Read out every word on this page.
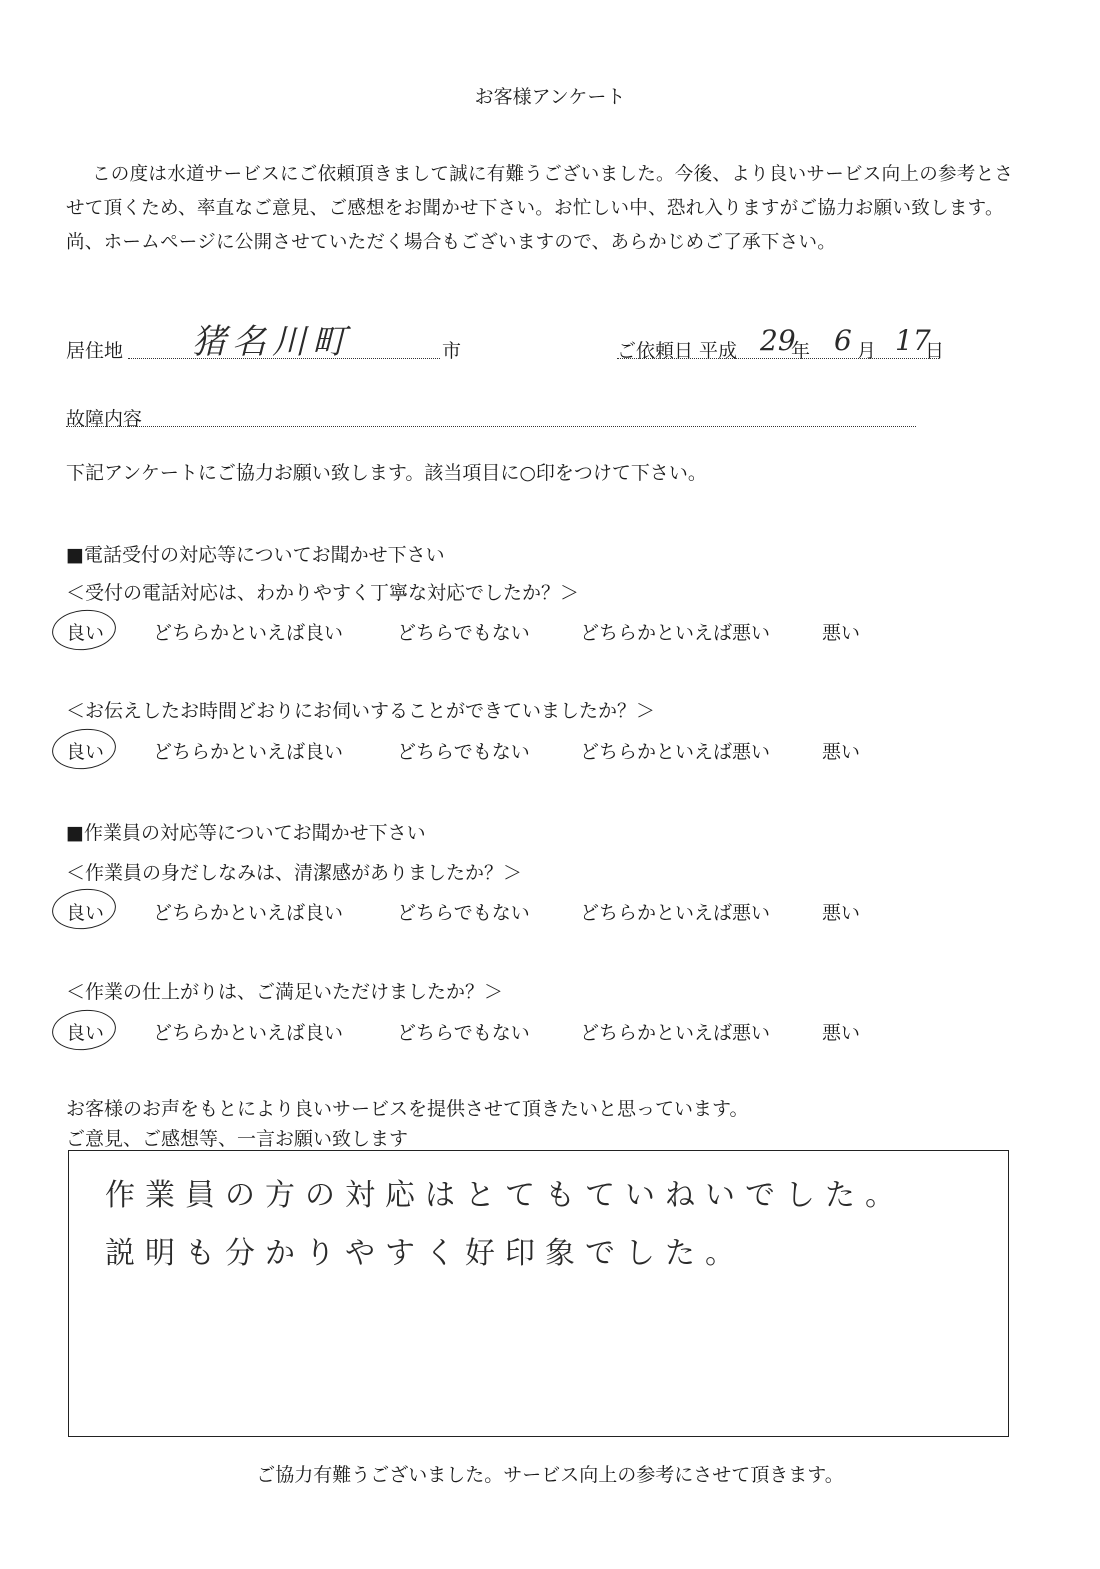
お客様アンケート
この度は水道サービスにご依頼頂きまして誠に有難うございました。今後、より良いサービス向上の参考とさせて頂くため、率直なご意見、ご感想をお聞かせ下さい。お忙しい中、恐れ入りますがご協力お願い致します。尚、ホームページに公開させていただく場合もございますので、あらかじめご了承下さい。
居住地 猪名川町	市	ご依頼日 平成 29
年 6 月 17
日
故障内容
下記アンケートにご協力お願い致します。該当項目に○印をつけて下さい。
■電話受付の対応等についてお聞かせ下さい
＜受付の電話対応は、わかりやすく丁寧な対応でしたか？＞
良い	どちらかといえば良い	どちらでもない	どちらかといえば悪い	悪い
＜お伝えしたお時間どおりにお伺いすることができていましたか？＞
良い	どちらかといえば良い	どちらでもない	どちらかといえば悪い	悪い
■作業員の対応等についてお聞かせ下さい
＜作業員の身だしなみは、清潔感がありましたか？＞
良い	どちらかといえば良い	どちらでもない	どちらかといえば悪い	悪い
＜作業の仕上がりは、ご満足いただけましたか？＞
良い	どちらかといえば良い	どちらでもない	どちらかといえば悪い	悪い
お客様のお声をもとにより良いサービスを提供させて頂きたいと思っています。
ご意見、ご感想等、一言お願い致します
作業員の方の対応はとてもていねいでした。
説明も分かりやすく好印象でした。
ご協力有難うございました。サービス向上の参考にさせて頂きます。
